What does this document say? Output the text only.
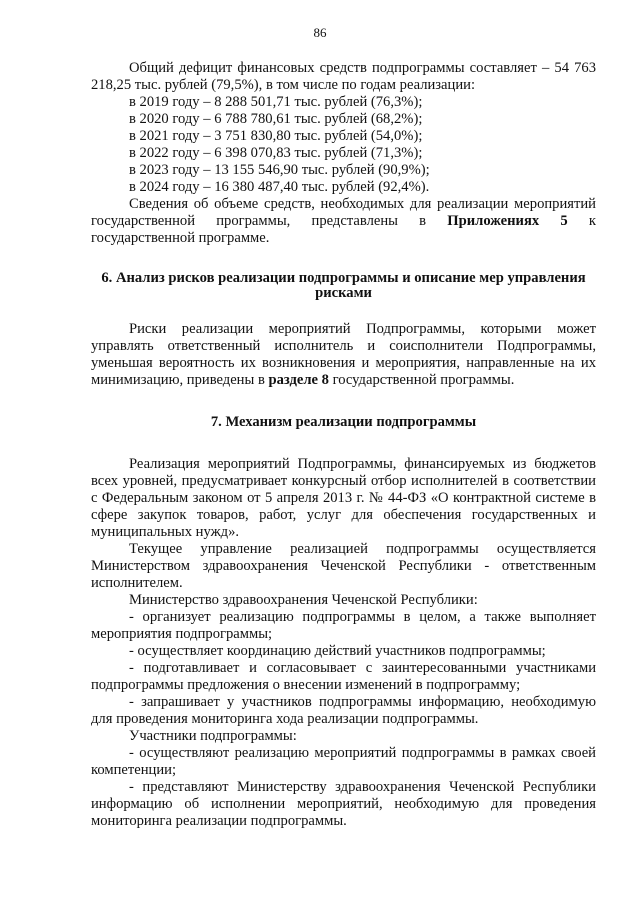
86

Общий дефицит финансовых средств подпрограммы составляет – 54 763 218,25 тыс. рублей (79,5%), в том числе по годам реализации:

в 2019 году – 8 288 501,71 тыс. рублей (76,3%);

в 2020 году – 6 788 780,61 тыс. рублей (68,2%);

в 2021 году – 3 751 830,80 тыс. рублей (54,0%);

в 2022 году – 6 398 070,83 тыс. рублей (71,3%);

в 2023 году – 13 155 546,90 тыс. рублей (90,9%);

в 2024 году – 16 380 487,40 тыс. рублей (92,4%).

Сведения об объеме средств, необходимых для реализации мероприятий государственной программы, представлены в Приложениях 5 к государственной программе.

6. Анализ рисков реализации подпрограммы и описание мер управления рисками

Риски реализации мероприятий Подпрограммы, которыми может управлять ответственный исполнитель и соисполнители Подпрограммы, уменьшая вероятность их возникновения и мероприятия, направленные на их минимизацию, приведены в разделе 8 государственной программы.

7. Механизм реализации подпрограммы

Реализация мероприятий Подпрограммы, финансируемых из бюджетов всех уровней, предусматривает конкурсный отбор исполнителей в соответствии с Федеральным законом от 5 апреля 2013 г. № 44-ФЗ «О контрактной системе в сфере закупок товаров, работ, услуг для обеспечения государственных и муниципальных нужд».

Текущее управление реализацией подпрограммы осуществляется Министерством здравоохранения Чеченской Республики - ответственным исполнителем.

Министерство здравоохранения Чеченской Республики:

- организует реализацию подпрограммы в целом, а также выполняет мероприятия подпрограммы;

- осуществляет координацию действий участников подпрограммы;

- подготавливает и согласовывает с заинтересованными участниками подпрограммы предложения о внесении изменений в подпрограмму;

- запрашивает у участников подпрограммы информацию, необходимую для проведения мониторинга хода реализации подпрограммы.

Участники подпрограммы:

- осуществляют реализацию мероприятий подпрограммы в рамках своей компетенции;

- представляют Министерству здравоохранения Чеченской Республики информацию об исполнении мероприятий, необходимую для проведения мониторинга реализации подпрограммы.
